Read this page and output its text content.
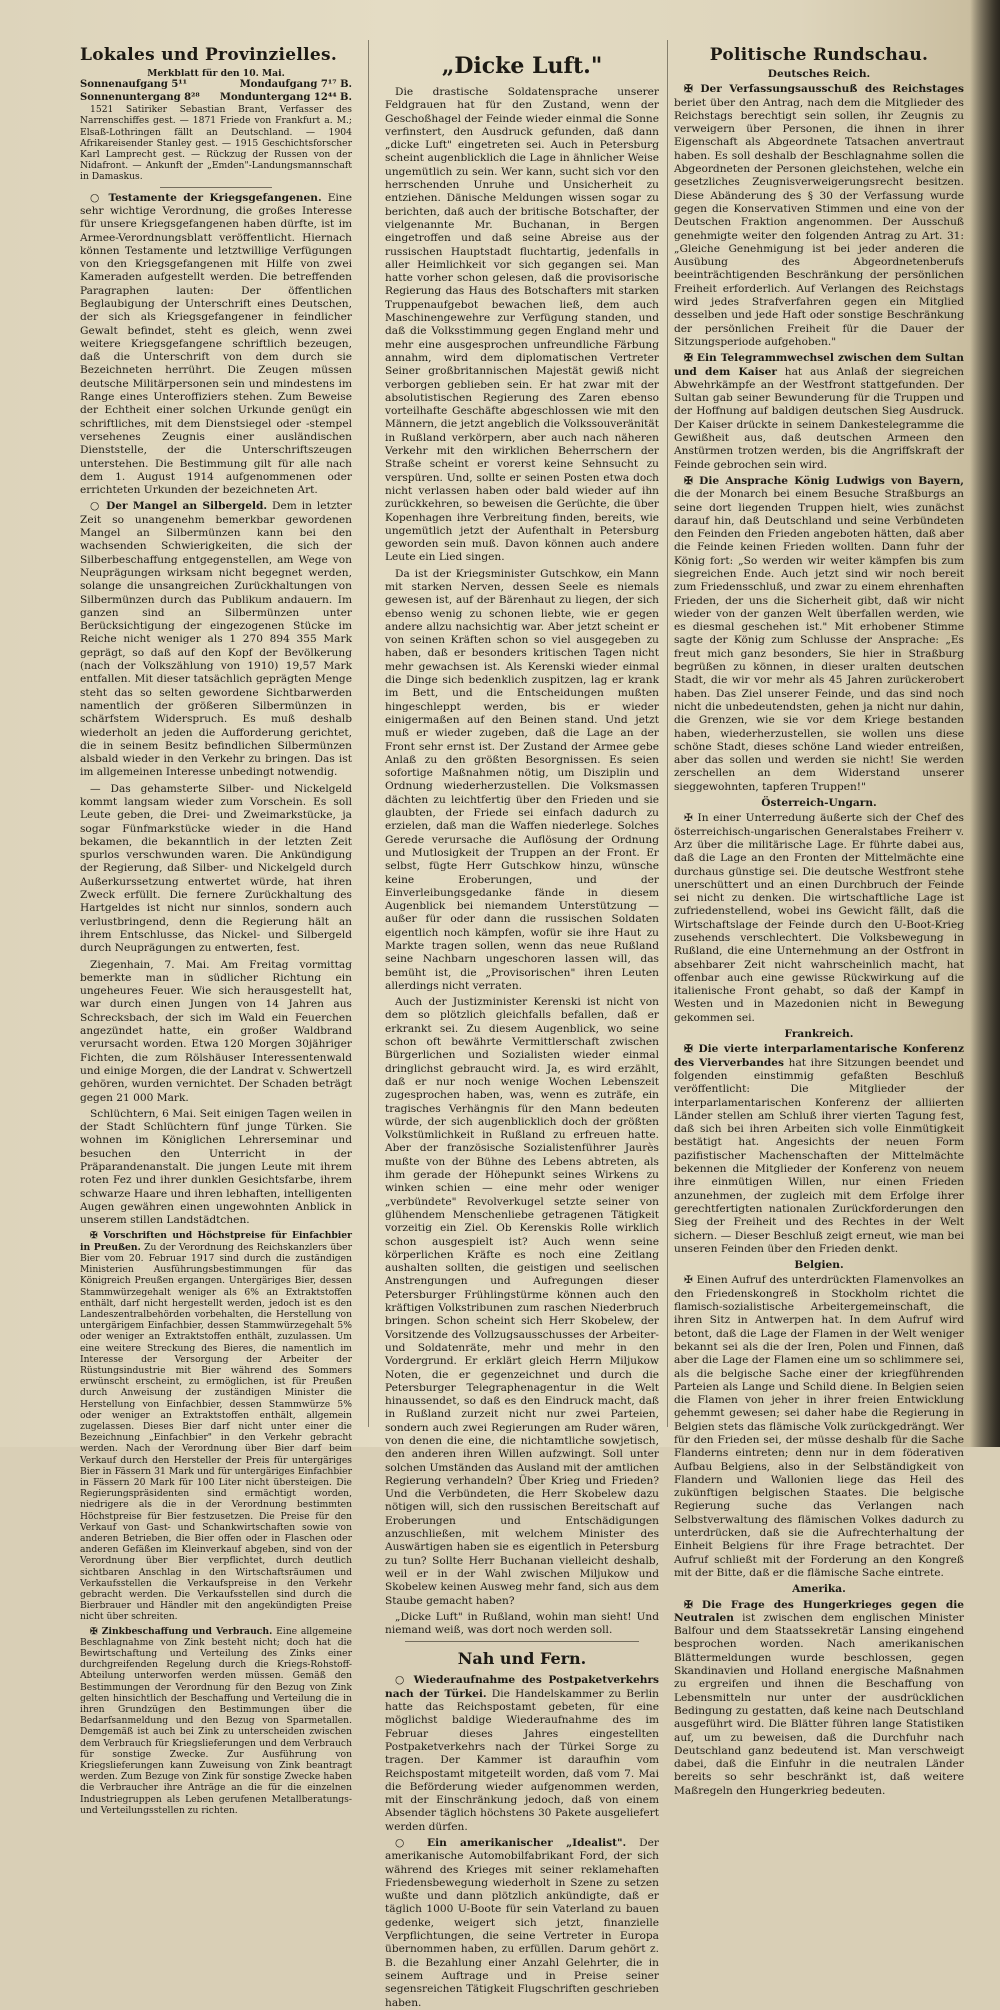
Lokales und Provinzielles.
Merkblatt für den 10. Mai.
Sonnenaufgang 5¹¹	Mondaufgang 7¹⁷ B.
Sonnenuntergang 8²⁸ Monduntergang 12⁴⁴ B.

1521 Satiriker Sebastian Brant, Verfasser des Narrenschiffes gest. — 1871 Friede von Frankfurt a. M.; Elsaß-Lothringen fällt an Deutschland. — 1904 Afrikareisender Stanley gest. — 1915 Geschichtsforscher Karl Lamprecht gest. — Rückzug der Russen von der Nidafront. — Ankunft der „Emden"-Landungsmannschaft in Damaskus.

○ Testamente der Kriegsgefangenen. Eine sehr wichtige Verordnung, die großes Interesse für unsere Kriegsgefangenen haben dürfte, ist im Armee-Verordnungsblatt veröffentlicht. Hiernach können Testamente und letztwillige Verfügungen von den Kriegsgefangenen mit Hilfe von zwei Kameraden aufgestellt werden. Die betreffenden Paragraphen lauten: Der öffentlichen Beglaubigung der Unterschrift eines Deutschen, der sich als Kriegsgefangener in feindlicher Gewalt befindet, steht es gleich, wenn zwei weitere Kriegsgefangene schriftlich bezeugen, daß die Unterschrift von dem durch sie Bezeichneten herrührt. Die Zeugen müssen deutsche Militärpersonen sein und mindestens im Range eines Unteroffiziers stehen. Zum Beweise der Echtheit einer solchen Urkunde genügt ein schriftliches, mit dem Dienstsiegel oder -stempel versehenes Zeugnis einer ausländischen Dienststelle, der die Unterschriftszeugen unterstehen. Die Bestimmung gilt für alle nach dem 1. August 1914 aufgenommenen oder errichteten Urkunden der bezeichneten Art.

○ Der Mangel an Silbergeld. Dem in letzter Zeit so unangenehm bemerkbar gewordenen Mangel an Silbermünzen kann bei den wachsenden Schwierigkeiten, die sich der Silberbeschaffung entgegenstellen, am Wege von Neuprägungen wirksam nicht begegnet werden, solange die unsangreichen Zurückhaltungen von Silbermünzen durch das Publikum andauern. Im ganzen sind an Silbermünzen unter Berücksichtigung der eingezogenen Stücke im Reiche nicht weniger als 1 270 894 355 Mark geprägt, so daß auf den Kopf der Bevölkerung (nach der Volkszählung von 1910) 19,57 Mark entfallen. Mit dieser tatsächlich geprägten Menge steht das so selten gewordene Sichtbarwerden namentlich der größeren Silbermünzen in schärfstem Widerspruch. Es muß deshalb wiederholt an jeden die Aufforderung gerichtet, die in seinem Besitz befindlichen Silbermünzen alsbald wieder in den Verkehr zu bringen. Das ist im allgemeinen Interesse unbedingt notwendig.

— Das gehamsterte Silber- und Nickelgeld kommt langsam wieder zum Vorschein. Es soll Leute geben, die Drei- und Zweimarkstücke, ja sogar Fünfmarkstücke wieder in die Hand bekamen, die bekanntlich in der letzten Zeit spurlos verschwunden waren. Die Ankündigung der Regierung, daß Silber- und Nickelgeld durch Außerkurssetzung entwertet würde, hat ihren Zweck erfüllt. Die fernere Zurückhaltung des Hartgeldes ist nicht nur sinnlos, sondern auch verlustbringend, denn die Regierung hält an ihrem Entschlusse, das Nickel- und Silbergeld durch Neuprägungen zu entwerten, fest.

Ziegenhain, 7. Mai. Am Freitag vormittag bemerkte man in südlicher Richtung ein ungeheures Feuer. Wie sich herausgestellt hat, war durch einen Jungen von 14 Jahren aus Schrecksbach, der sich im Wald ein Feuerchen angezündet hatte, ein großer Waldbrand verursacht worden. Etwa 120 Morgen 30jähriger Fichten, die zum Rölshäuser Interessentenwald und einige Morgen, die der Landrat v. Schwertzell gehören, wurden vernichtet. Der Schaden beträgt gegen 21 000 Mark.

Schlüchtern, 6 Mai. Seit einigen Tagen weilen in der Stadt Schlüchtern fünf junge Türken. Sie wohnen im Königlichen Lehrerseminar und besuchen den Unterricht in der Präparandenanstalt. Die jungen Leute mit ihrem roten Fez und ihrer dunklen Gesichtsfarbe, ihrem schwarze Haare und ihren lebhaften, intelligenten Augen gewähren einen ungewohnten Anblick in unserem stillen Landstädtchen.

✠ Vorschriften und Höchstpreise für Einfachbier in Preußen. Zu der Verordnung des Reichskanzlers über Bier vom 20. Februar 1917 sind durch die zuständigen Ministerien Ausführungsbestimmungen für das Königreich Preußen ergangen. Untergäriges Bier, dessen Stammwürzegehalt weniger als 6% an Extraktstoffen enthält, darf nicht hergestellt werden, jedoch ist es den Landeszentralbehörden vorbehalten, die Herstellung von untergärigem Einfachbier, dessen Stammwürzegehalt 5% oder weniger an Extraktstoffen enthält, zuzulassen. Um eine weitere Streckung des Bieres, die namentlich im Interesse der Versorgung der Arbeiter der Rüstungsindustrie mit Bier während des Sommers erwünscht erscheint, zu ermöglichen, ist für Preußen durch Anweisung der zuständigen Minister die Herstellung von Einfachbier, dessen Stammwürze 5% oder weniger an Extraktstoffen enthält, allgemein zugelassen. Dieses Bier darf nicht unter einer die Bezeichnung „Einfachbier" in den Verkehr gebracht werden. Nach der Verordnung über Bier darf beim Verkauf durch den Hersteller der Preis für untergäriges Bier in Fässern 31 Mark und für untergäriges Einfachbier in Fässern 20 Mark für 100 Liter nicht übersteigen. Die Regierungspräsidenten sind ermächtigt worden, niedrigere als die in der Verordnung bestimmten Höchstpreise für Bier festzusetzen. Die Preise für den Verkauf von Gast- und Schankwirtschaften sowie von anderen Betrieben, die Bier offen oder in Flaschen oder anderen Gefäßen im Kleinverkauf abgeben, sind von der Verordnung über Bier verpflichtet, durch deutlich sichtbaren Anschlag in den Wirtschaftsräumen und Verkaufsstellen die Verkaufspreise in den Verkehr gebracht werden. Die Verkaufsstellen sind durch die Bierbrauer und Händler mit den angekündigten Preise nicht über schreiten.

✠ Zinkbeschaffung und Verbrauch. Eine allgemeine Beschlagnahme von Zink besteht nicht; doch hat die Bewirtschaftung und Verteilung des Zinks einer durchgreifenden Regelung durch die Kriegs-Rohstoff-Abteilung unterworfen werden müssen. Gemäß den Bestimmungen der Verordnung für den Bezug von Zink gelten hinsichtlich der Beschaffung und Verteilung die in ihren Grundzügen den Bestimmungen über die Bedarfsanmeldung und den Bezug von Sparmetallen. Demgemäß ist auch bei Zink zu unterscheiden zwischen dem Verbrauch für Kriegslieferungen und dem Verbrauch für sonstige Zwecke. Zur Ausführung von Kriegslieferungen kann Zuweisung von Zink beantragt werden. Zum Bezuge von Zink für sonstige Zwecke haben die Verbraucher ihre Anträge an die für die einzelnen Industriegruppen als Leben gerufenen Metallberatungs- und Verteilungsstellen zu richten.

„Dicke Luft."

Die drastische Soldatensprache unserer Feldgrauen hat für den Zustand, wenn der Geschoßhagel der Feinde wieder einmal die Sonne verfinstert, den Ausdruck gefunden, daß dann „dicke Luft" eingetreten sei. Auch in Petersburg scheint augenblicklich die Lage in ähnlicher Weise ungemütlich zu sein. Wer kann, sucht sich vor den herrschenden Unruhe und Unsicherheit zu entziehen. Dänische Meldungen wissen sogar zu berichten, daß auch der britische Botschafter, der vielgenannte Mr. Buchanan, in Bergen eingetroffen und daß seine Abreise aus der russischen Hauptstadt fluchtartig, jedenfalls in aller Heimlichkeit vor sich gegangen sei. Man hatte vorher schon gelesen, daß die provisorische Regierung das Haus des Botschafters mit starken Truppenaufgebot bewachen ließ, dem auch Maschinengewehre zur Verfügung standen, und daß die Volksstimmung gegen England mehr und mehr eine ausgesprochen unfreundliche Färbung annahm, wird dem diplomatischen Vertreter Seiner großbritannischen Majestät gewiß nicht verborgen geblieben sein. Er hat zwar mit der absolutistischen Regierung des Zaren ebenso vorteilhafte Geschäfte abgeschlossen wie mit den Männern, die jetzt angeblich die Volkssouveränität in Rußland verkörpern, aber auch nach näheren Verkehr mit den wirklichen Beherrschern der Straße scheint er vorerst keine Sehnsucht zu verspüren. Und, sollte er seinen Posten etwa doch nicht verlassen haben oder bald wieder auf ihn zurückkehren, so beweisen die Gerüchte, die über Kopenhagen ihre Verbreitung finden, bereits, wie ungemütlich jetzt der Aufenthalt in Petersburg geworden sein muß. Davon können auch andere Leute ein Lied singen.

Da ist der Kriegsminister Gutschkow, ein Mann mit starken Nerven, dessen Seele es niemals gewesen ist, auf der Bärenhaut zu liegen, der sich ebenso wenig zu schonen liebte, wie er gegen andere allzu nachsichtig war. Aber jetzt scheint er von seinen Kräften schon so viel ausgegeben zu haben, daß er besonders kritischen Tagen nicht mehr gewachsen ist. Als Kerenski wieder einmal die Dinge sich bedenklich zuspitzen, lag er krank im Bett, und die Entscheidungen mußten hingeschleppt werden, bis er wieder einigermaßen auf den Beinen stand. Und jetzt muß er wieder zugeben, daß die Lage an der Front sehr ernst ist. Der Zustand der Armee gebe Anlaß zu den größten Besorgnissen. Es seien sofortige Maßnahmen nötig, um Disziplin und Ordnung wiederherzustellen. Die Volksmassen dächten zu leichtfertig über den Frieden und sie glaubten, der Friede sei einfach dadurch zu erzielen, daß man die Waffen niederlege. Solches Gerede verursache die Auflösung der Ordnung und Mutlosigkeit der Truppen an der Front. Er selbst, fügte Herr Gutschkow hinzu, wünsche keine Eroberungen, und der Einverleibungsgedanke fände in diesem Augenblick bei niemandem Unterstützung — außer für oder dann die russischen Soldaten eigentlich noch kämpfen, wofür sie ihre Haut zu Markte tragen sollen, wenn das neue Rußland seine Nachbarn ungeschoren lassen will, das bemüht ist, die „Provisorischen" ihren Leuten allerdings nicht verraten.

Auch der Justizminister Kerenski ist nicht von dem so plötzlich gleichfalls befallen, daß er erkrankt sei. Zu diesem Augenblick, wo seine schon oft bewährte Vermittlerschaft zwischen Bürgerlichen und Sozialisten wieder einmal dringlichst gebraucht wird. Ja, es wird erzählt, daß er nur noch wenige Wochen Lebenszeit zugesprochen haben, was, wenn es zuträfe, ein tragisches Verhängnis für den Mann bedeuten würde, der sich augenblicklich doch der größten Volkstümlichkeit in Rußland zu erfreuen hatte. Aber der französische Sozialistenführer Jaurès mußte von der Bühne des Lebens abtreten, als ihm gerade der Höhepunkt seines Wirkens zu winken schien — eine mehr oder weniger „verbündete" Revolverkugel setzte seiner von glühendem Menschenliebe getragenen Tätigkeit vorzeitig ein Ziel. Ob Kerenskis Rolle wirklich schon ausgespielt ist? Auch wenn seine körperlichen Kräfte es noch eine Zeitlang aushalten sollten, die geistigen und seelischen Anstrengungen und Aufregungen dieser Petersburger Frühlingstürme können auch den kräftigen Volkstribunen zum raschen Niederbruch bringen. Schon scheint sich Herr Skobelew, der Vorsitzende des Vollzugsausschusses der Arbeiter- und Soldatenräte, mehr und mehr in den Vordergrund. Er erklärt gleich Herrn Miljukow Noten, die er gegenzeichnet und durch die Petersburger Telegraphenagentur in die Welt hinaussendet, so daß es den Eindruck macht, daß in Rußland zurzeit nicht nur zwei Parteien, sondern auch zwei Regierungen am Ruder wären, von denen die eine, die nichtamtliche sowjetisch, den anderen ihren Willen aufzwingt. Soll unter solchen Umständen das Ausland mit der amtlichen Regierung verhandeln? Über Krieg und Frieden? Und die Verbündeten, die Herr Skobelew dazu nötigen will, sich den russischen Bereitschaft auf Eroberungen und Entschädigungen anzuschließen, mit welchem Minister des Auswärtigen haben sie es eigentlich in Petersburg zu tun? Sollte Herr Buchanan vielleicht deshalb, weil er in der Wahl zwischen Miljukow und Skobelew keinen Ausweg mehr fand, sich aus dem Staube gemacht haben?

„Dicke Luft" in Rußland, wohin man sieht! Und niemand weiß, was dort noch werden soll.

Nah und Fern.

○ Wiederaufnahme des Postpaketverkehrs nach der Türkei. Die Handelskammer zu Berlin hatte das Reichspostamt gebeten, für eine möglichst baldige Wiederaufnahme des im Februar dieses Jahres eingestellten Postpaketverkehrs nach der Türkei Sorge zu tragen. Der Kammer ist daraufhin vom Reichspostamt mitgeteilt worden, daß vom 7. Mai die Beförderung wieder aufgenommen werden, mit der Einschränkung jedoch, daß von einem Absender täglich höchstens 30 Pakete ausgeliefert werden dürfen.

○ Ein amerikanischer „Idealist". Der amerikanische Automobilfabrikant Ford, der sich während des Krieges mit seiner reklamehaften Friedensbewegung wiederholt in Szene zu setzen wußte und dann plötzlich ankündigte, daß er täglich 1000 U-Boote für sein Vaterland zu bauen gedenke, weigert sich jetzt, finanzielle Verpflichtungen, die seine Vertreter in Europa übernommen haben, zu erfüllen. Darum gehört z. B. die Bezahlung einer Anzahl Gelehrter, die in seinem Auftrage und in Preise seiner segensreichen Tätigkeit Flugschriften geschrieben haben.

Politische Rundschau.
Deutsches Reich.

✠ Der Verfassungsausschuß des Reichstages beriet über den Antrag, nach dem die Mitglieder des Reichstags berechtigt sein sollen, ihr Zeugnis zu verweigern über Personen, die ihnen in ihrer Eigenschaft als Abgeordnete Tatsachen anvertraut haben. Es soll deshalb der Beschlagnahme sollen die Abgeordneten der Personen gleichstehen, welche ein gesetzliches Zeugnisverweigerungsrecht besitzen. Diese Abänderung des § 30 der Verfassung wurde gegen die Konservativen Stimmen und eine von der Deutschen Fraktion angenommen. Der Ausschuß genehmigte weiter den folgenden Antrag zu Art. 31: „Gleiche Genehmigung ist bei jeder anderen die Ausübung des Abgeordnetenberufs beeinträchtigenden Beschränkung der persönlichen Freiheit erforderlich. Auf Verlangen des Reichstags wird jedes Strafverfahren gegen ein Mitglied desselben und jede Haft oder sonstige Beschränkung der persönlichen Freiheit für die Dauer der Sitzungsperiode aufgehoben."

✠ Ein Telegrammwechsel zwischen dem Sultan und dem Kaiser hat aus Anlaß der siegreichen Abwehrkämpfe an der Westfront stattgefunden. Der Sultan gab seiner Bewunderung für die Truppen und der Hoffnung auf baldigen deutschen Sieg Ausdruck. Der Kaiser drückte in seinem Dankestelegramme die Gewißheit aus, daß deutschen Armeen den Anstürmen trotzen werden, bis die Angriffskraft der Feinde gebrochen sein wird.

✠ Die Ansprache König Ludwigs von Bayern, die der Monarch bei einem Besuche Straßburgs an seine dort liegenden Truppen hielt, wies zunächst darauf hin, daß Deutschland und seine Verbündeten den Feinden den Frieden angeboten hätten, daß aber die Feinde keinen Frieden wollten. Dann fuhr der König fort: „So werden wir weiter kämpfen bis zum siegreichen Ende. Auch jetzt sind wir noch bereit zum Friedensschluß, und zwar zu einem ehrenhaften Frieden, der uns die Sicherheit gibt, daß wir nicht wieder von der ganzen Welt überfallen werden, wie es diesmal geschehen ist." Mit erhobener Stimme sagte der König zum Schlusse der Ansprache: „Es freut mich ganz besonders, Sie hier in Straßburg begrüßen zu können, in dieser uralten deutschen Stadt, die wir vor mehr als 45 Jahren zurückerobert haben. Das Ziel unserer Feinde, und das sind noch nicht die unbedeutendsten, gehen ja nicht nur dahin, die Grenzen, wie sie vor dem Kriege bestanden haben, wiederherzustellen, sie wollen uns diese schöne Stadt, dieses schöne Land wieder entreißen, aber das sollen und werden sie nicht! Sie werden zerschellen an dem Widerstand unserer sieggewohnten, tapferen Truppen!"

Österreich-Ungarn.

✠ In einer Unterredung äußerte sich der Chef des österreichisch-ungarischen Generalstabes Freiherr v. Arz über die militärische Lage. Er führte dabei aus, daß die Lage an den Fronten der Mittelmächte eine durchaus günstige sei. Die deutsche Westfront stehe unerschüttert und an einen Durchbruch der Feinde sei nicht zu denken. Die wirtschaftliche Lage ist zufriedenstellend, wobei ins Gewicht fällt, daß die Wirtschaftslage der Feinde durch den U-Boot-Krieg zusehends verschlechtert. Die Volksbewegung in Rußland, die eine Unternehmung an der Ostfront in absehbarer Zeit nicht wahrscheinlich macht, hat offenbar auch eine gewisse Rückwirkung auf die italienische Front gehabt, so daß der Kampf in Westen und in Mazedonien nicht in Bewegung gekommen sei.

Frankreich.

✠ Die vierte interparlamentarische Konferenz des Vierverbandes hat ihre Sitzungen beendet und folgenden einstimmig gefaßten Beschluß veröffentlicht: Die Mitglieder der interparlamentarischen Konferenz der alliierten Länder stellen am Schluß ihrer vierten Tagung fest, daß sich bei ihren Arbeiten sich volle Einmütigkeit bestätigt hat. Angesichts der neuen Form pazifistischer Machenschaften der Mittelmächte bekennen die Mitglieder der Konferenz von neuem ihre einmütigen Willen, nur einen Frieden anzunehmen, der zugleich mit dem Erfolge ihrer gerechtfertigten nationalen Zurückforderungen den Sieg der Freiheit und des Rechtes in der Welt sichern. — Dieser Beschluß zeigt erneut, wie man bei unseren Feinden über den Frieden denkt.

Belgien.

✠ Einen Aufruf des unterdrückten Flamenvolkes an den Friedenskongreß in Stockholm richtet die flamisch-sozialistische Arbeitergemeinschaft, die ihren Sitz in Antwerpen hat. In dem Aufruf wird betont, daß die Lage der Flamen in der Welt weniger bekannt sei als die der Iren, Polen und Finnen, daß aber die Lage der Flamen eine um so schlimmere sei, als die belgische Sache einer der kriegführenden Parteien als Lange und Schild diene. In Belgien seien die Flamen von jeher in ihrer freien Entwicklung gehemmt gewesen; sei daher habe die Regierung in Belgien stets das flämische Volk zurückgedrängt. Wer für den Frieden sei, der müsse deshalb für die Sache Flanderns eintreten; denn nur in dem föderativen Aufbau Belgiens, also in der Selbständigkeit von Flandern und Wallonien liege das Heil des zukünftigen belgischen Staates. Die belgische Regierung suche das Verlangen nach Selbstverwaltung des flämischen Volkes dadurch zu unterdrücken, daß sie die Aufrechterhaltung der Einheit Belgiens für ihre Frage betrachtet. Der Aufruf schließt mit der Forderung an den Kongreß mit der Bitte, daß er die flämische Sache eintrete.

Amerika.

✠ Die Frage des Hungerkrieges gegen die Neutralen ist zwischen dem englischen Minister Balfour und dem Staatssekretär Lansing eingehend besprochen worden. Nach amerikanischen Blättermeldungen wurde beschlossen, gegen Skandinavien und Holland energische Maßnahmen zu ergreifen und ihnen die Beschaffung von Lebensmitteln nur unter der ausdrücklichen Bedingung zu gestatten, daß keine nach Deutschland ausgeführt wird. Die Blätter führen lange Statistiken auf, um zu beweisen, daß die Durchfuhr nach Deutschland ganz bedeutend ist. Man verschweigt dabei, daß die Einfuhr in die neutralen Länder bereits so sehr beschränkt ist, daß weitere Maßregeln den Hungerkrieg bedeuten.
